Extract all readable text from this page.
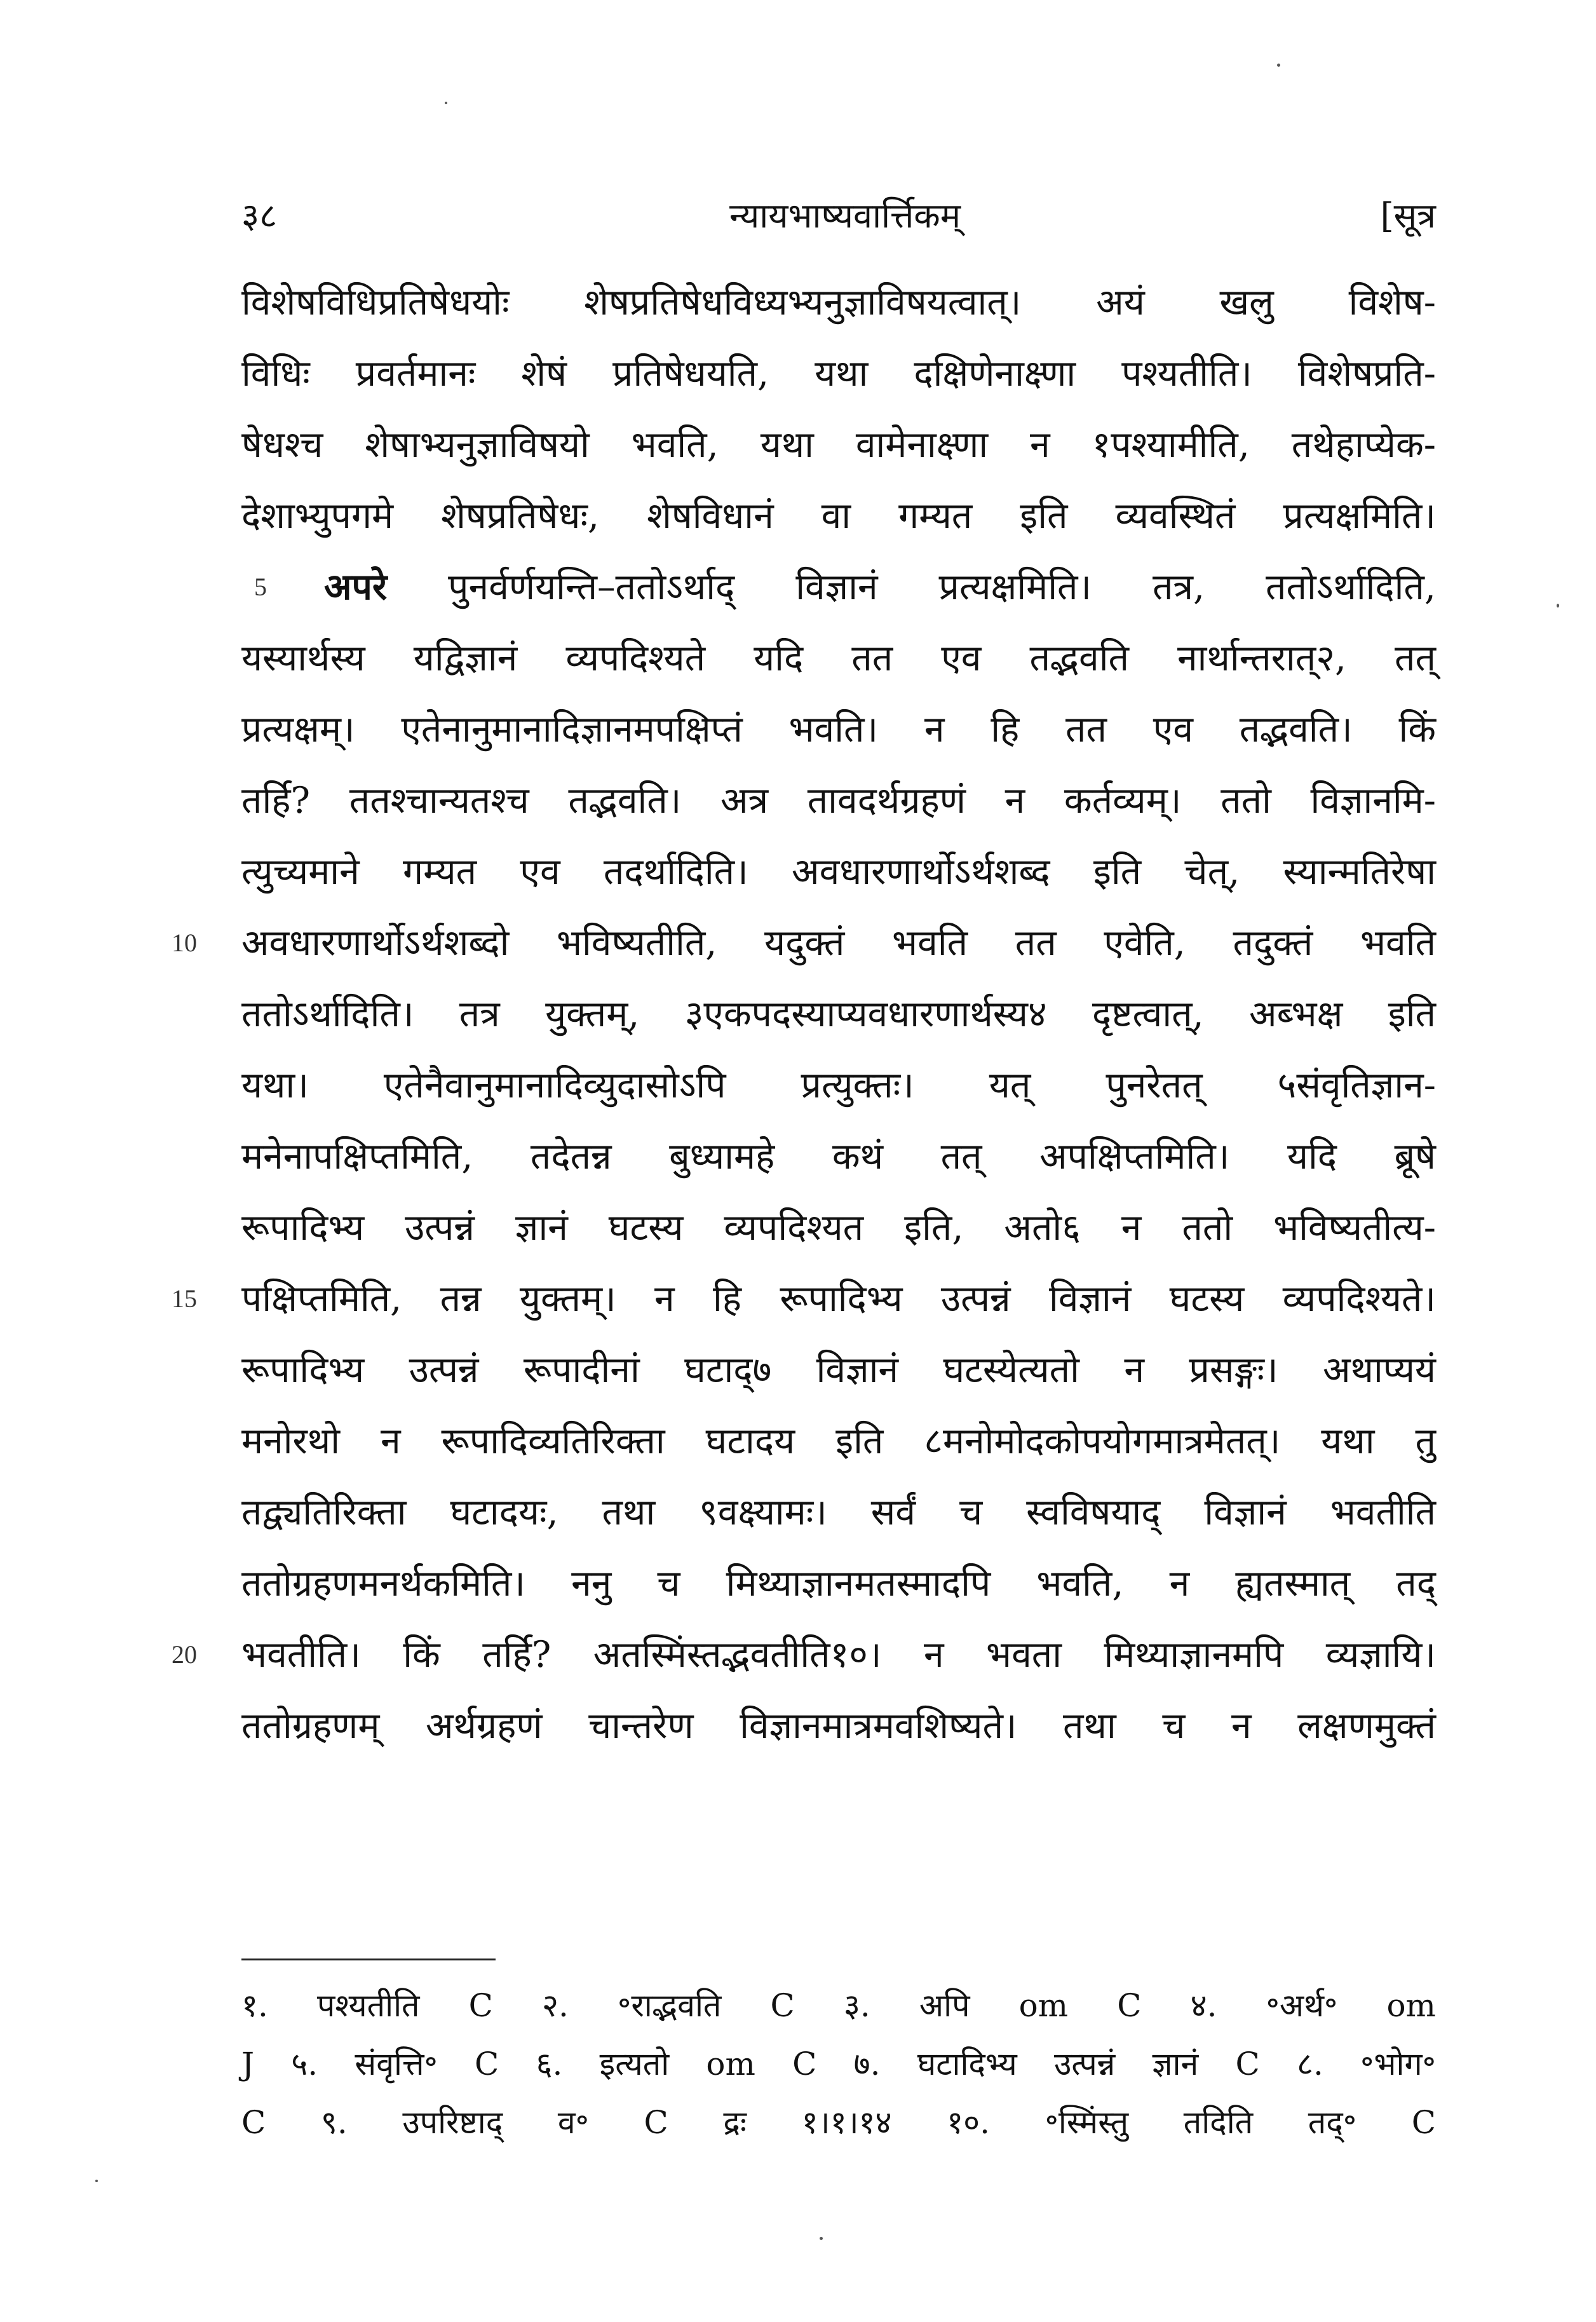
३८	न्यायभाष्यवार्त्तिकम्	[सूत्र
विशेषविधिप्रतिषेधयोः शेषप्रतिषेधविध्यभ्यनुज्ञाविषयत्वात्। अयं खलु विशेष-
विधिः प्रवर्तमानः शेषं प्रतिषेधयति, यथा दक्षिणेनाक्ष्णा पश्यतीति। विशेषप्रति-
षेधश्च शेषाभ्यनुज्ञाविषयो भवति, यथा वामेनाक्ष्णा न १पश्यामीति, तथेहाप्येक-
देशाभ्युपगमे शेषप्रतिषेधः, शेषविधानं वा गम्यत इति व्यवस्थितं प्रत्यक्षमिति।
5 अपरे पुनर्वर्णयन्ति–ततोऽर्थाद् विज्ञानं प्रत्यक्षमिति। तत्र, ततोऽर्थादिति,
यस्यार्थस्य यद्विज्ञानं व्यपदिश्यते यदि तत एव तद्भवति नार्थान्तरात्२, तत्
प्रत्यक्षम्। एतेनानुमानादिज्ञानमपक्षिप्तं भवति। न हि तत एव तद्भवति। किं
तर्हि? ततश्चान्यतश्च तद्भवति। अत्र तावदर्थग्रहणं न कर्तव्यम्। ततो विज्ञानमि-
त्युच्यमाने गम्यत एव तदर्थादिति। अवधारणार्थोऽर्थशब्द इति चेत्, स्यान्मतिरेषा
10	अवधारणार्थोऽर्थशब्दो भविष्यतीति, यदुक्तं भवति तत एवेति, तदुक्तं भवति
ततोऽर्थादिति। तत्र युक्तम्, ३एकपदस्याप्यवधारणार्थस्य४ दृष्टत्वात्, अब्भक्ष इति
यथा। एतेनैवानुमानादिव्युदासोऽपि प्रत्युक्तः। यत् पुनरेतत् ५संवृतिज्ञान-
मनेनापक्षिप्तमिति, तदेतन्न बुध्यामहे कथं तत् अपक्षिप्तमिति। यदि ब्रूषे
रूपादिभ्य उत्पन्नं ज्ञानं घटस्य व्यपदिश्यत इति, अतो६ न ततो भविष्यतीत्य-
15	पक्षिप्तमिति, तन्न युक्तम्। न हि रूपादिभ्य उत्पन्नं विज्ञानं घटस्य व्यपदिश्यते।
रूपादिभ्य उत्पन्नं रूपादीनां घटाद्७ विज्ञानं घटस्येत्यतो न प्रसङ्गः। अथाप्ययं
मनोरथो न रूपादिव्यतिरिक्ता घटादय इति ८मनोमोदकोपयोगमात्रमेतत्। यथा तु
तद्व्यतिरिक्ता घटादयः, तथा ९वक्ष्यामः। सर्वं च स्वविषयाद् विज्ञानं भवतीति
ततोग्रहणमनर्थकमिति। ननु च मिथ्याज्ञानमतस्मादपि भवति, न ह्यतस्मात् तद्
20	भवतीति। किं तर्हि? अतस्मिंस्तद्भवतीति१०। न भवता मिथ्याज्ञानमपि व्यज्ञायि।
ततोग्रहणम् अर्थग्रहणं चान्तरेण विज्ञानमात्रमवशिष्यते। तथा च न लक्षणमुक्तं
१. पश्यतीति C २. ॰राद्भवति C ३. अपि om C ४. ॰अर्थ॰ om
J ५. संवृत्ति॰ C ६. इत्यतो om C ७. घटादिभ्य उत्पन्नं ज्ञानं C ८. ॰भोग॰
C ९. उपरिष्टाद् व॰ C द्रः १।१।१४ १०. ॰स्मिंस्तु तदिति तद्॰ C
